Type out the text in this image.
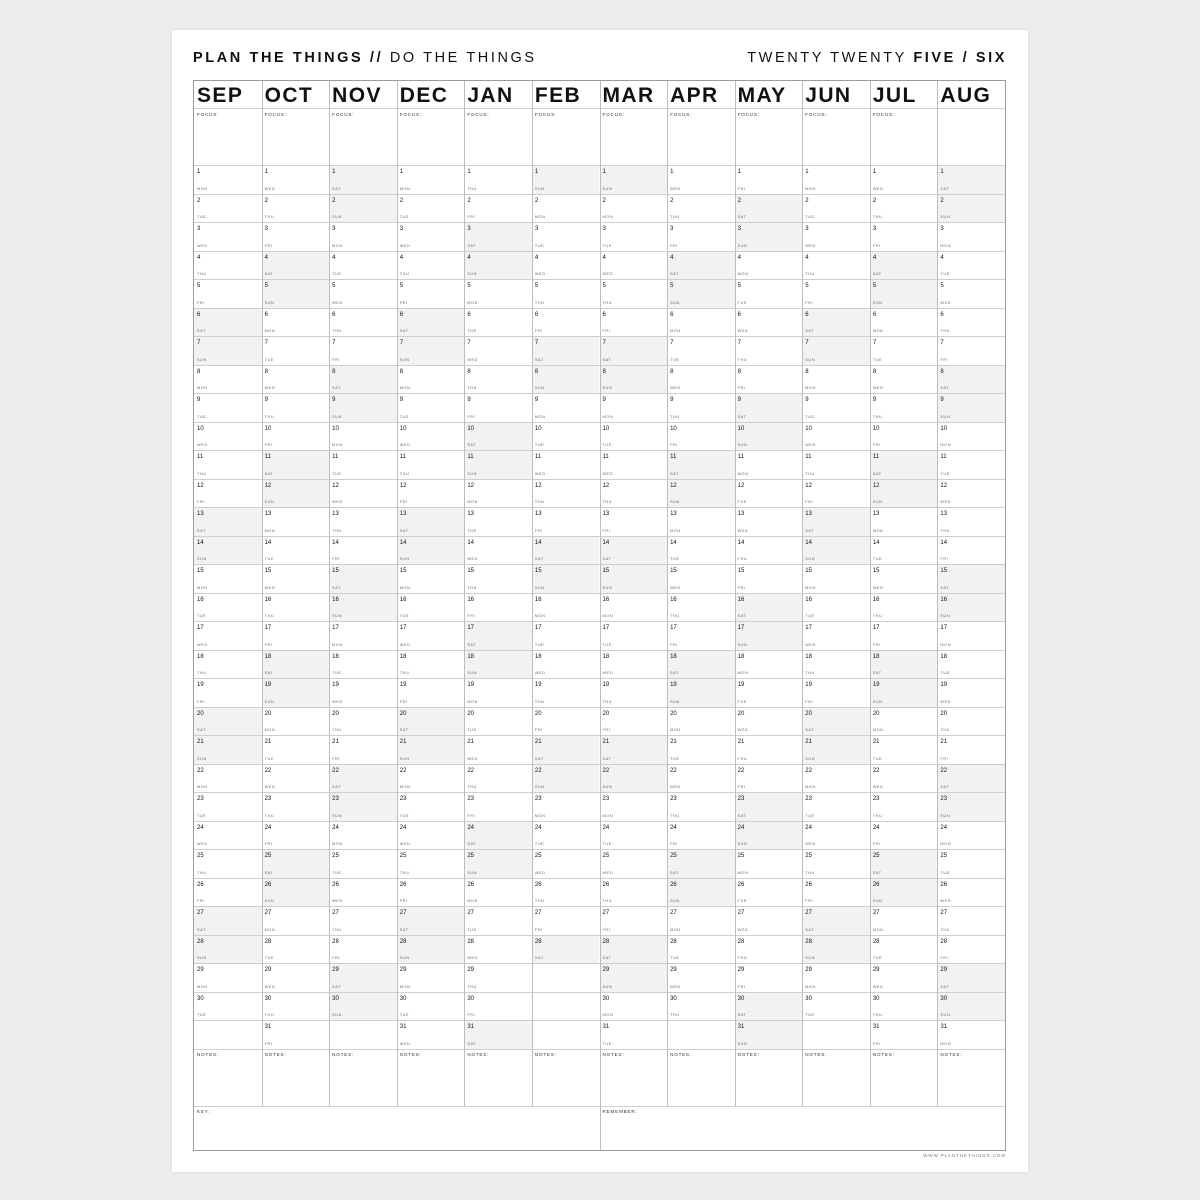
PLAN THE THINGS // DO THE THINGS	TWENTY TWENTY FIVE / SIX
SEP
FOCUS:
1
MON
2
TUE
3
WED
4
THU
5
FRI
6
SAT
7
SUN
8
MON
9
TUE
10
WED
11
THU
12
FRI
13
SAT
14
SUN
15
MON
16
TUE
17
WED
18
THU
19
FRI
20
SAT
21
SUN
22
MON
23
TUE
24
WED
25
THU
26
FRI
27
SAT
28
SUN
29
MON
30
TUE
NOTES:
OCT
FOCUS:
1
WED
2
THU
3
FRI
4
SAT
5
SUN
6
MON
7
TUE
8
WED
9
THU
10
FRI
11
SAT
12
SUN
13
MON
14
TUE
15
WED
16
THU
17
FRI
18
SAT
19
SUN
20
MON
21
TUE
22
WED
23
THU
24
FRI
25
SAT
26
SUN
27
MON
28
TUE
29
WED
30
THU
31
FRI
NOTES:
NOV
FOCUS:
1
SAT
2
SUN
3
MON
4
TUE
5
WED
6
THU
7
FRI
8
SAT
9
SUN
10
MON
11
TUE
12
WED
13
THU
14
FRI
15
SAT
16
SUN
17
MON
18
TUE
19
WED
20
THU
21
FRI
22
SAT
23
SUN
24
MON
25
TUE
26
WED
27
THU
28
FRI
29
SAT
30
SUN
NOTES:
DEC
FOCUS:
1
MON
2
TUE
3
WED
4
THU
5
FRI
6
SAT
7
SUN
8
MON
9
TUE
10
WED
11
THU
12
FRI
13
SAT
14
SUN
15
MON
16
TUE
17
WED
18
THU
19
FRI
20
SAT
21
SUN
22
MON
23
TUE
24
WED
25
THU
26
FRI
27
SAT
28
SUN
29
MON
30
TUE
31
WED
NOTES:
JAN
FOCUS:
1
THU
2
FRI
3
SAT
4
SUN
5
MON
6
TUE
7
WED
8
THU
9
FRI
10
SAT
11
SUN
12
MON
13
TUE
14
WED
15
THU
16
FRI
17
SAT
18
SUN
19
MON
20
TUE
21
WED
22
THU
23
FRI
24
SAT
25
SUN
26
MON
27
TUE
28
WED
29
THU
30
FRI
31
SAT
NOTES:
FEB
FOCUS:
1
SUN
2
MON
3
TUE
4
WED
5
THU
6
FRI
7
SAT
8
SUN
9
MON
10
TUE
11
WED
12
THU
13
FRI
14
SAT
15
SUN
16
MON
17
TUE
18
WED
19
THU
20
FRI
21
SAT
22
SUN
23
MON
24
TUE
25
WED
26
THU
27
FRI
28
SAT
NOTES:
MAR
FOCUS:
1
SUN
2
MON
3
TUE
4
WED
5
THU
6
FRI
7
SAT
8
SUN
9
MON
10
TUE
11
WED
12
THU
13
FRI
14
SAT
15
SUN
16
MON
17
TUE
18
WED
19
THU
20
FRI
21
SAT
22
SUN
23
MON
24
TUE
25
WED
26
THU
27
FRI
28
SAT
29
SUN
30
MON
31
TUE
NOTES:
APR
FOCUS:
1
WED
2
THU
3
FRI
4
SAT
5
SUN
6
MON
7
TUE
8
WED
9
THU
10
FRI
11
SAT
12
SUN
13
MON
14
TUE
15
WED
16
THU
17
FRI
18
SAT
19
SUN
20
MON
21
TUE
22
WED
23
THU
24
FRI
25
SAT
26
SUN
27
MON
28
TUE
29
WED
30
THU
NOTES:
MAY
FOCUS:
1
FRI
2
SAT
3
SUN
4
MON
5
TUE
6
WED
7
THU
8
FRI
9
SAT
10
SUN
11
MON
12
TUE
13
WED
14
THU
15
FRI
16
SAT
17
SUN
18
MON
19
TUE
20
WED
21
THU
22
FRI
23
SAT
24
SUN
25
MON
26
TUE
27
WED
28
THU
29
FRI
30
SAT
31
SUN
NOTES:
JUN
FOCUS:
1
MON
2
TUE
3
WED
4
THU
5
FRI
6
SAT
7
SUN
8
MON
9
TUE
10
WED
11
THU
12
FRI
13
SAT
14
SUN
15
MON
16
TUE
17
WED
18
THU
19
FRI
20
SAT
21
SUN
22
MON
23
TUE
24
WED
25
THU
26
FRI
27
SAT
28
SUN
29
MON
30
TUE
NOTES:
JUL
FOCUS:
1
WED
2
THU
3
FRI
4
SAT
5
SUN
6
MON
7
TUE
8
WED
9
THU
10
FRI
11
SAT
12
SUN
13
MON
14
TUE
15
WED
16
THU
17
FRI
18
SAT
19
SUN
20
MON
21
TUE
22
WED
23
THU
24
FRI
25
SAT
26
SUN
27
MON
28
TUE
29
WED
30
THU
31
FRI
NOTES:
AUG
1
SAT
2
SUN
3
MON
4
TUE
5
WED
6
THU
7
FRI
8
SAT
9
SUN
10
MON
11
TUE
12
WED
13
THU
14
FRI
15
SAT
16
SUN
17
MON
18
TUE
19
WED
20
THU
21
FRI
22
SAT
23
SUN
24
MON
25
TUE
26
WED
27
THU
28
FRI
29
SAT
30
SUN
31
MON
NOTES:
KEY:	REMEMBER:
WWW.PLANTHETHINGS.COM
